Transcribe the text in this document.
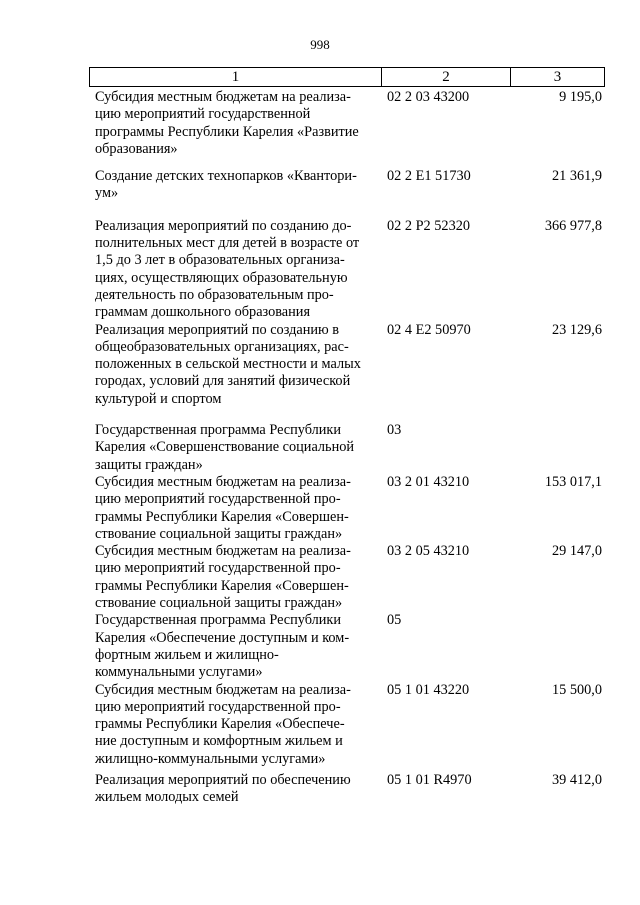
998
1	2	3
Субсидия местным бюджетам на реализа-
цию мероприятий государственной
программы Республики Карелия «Развитие
образования»
02 2 03 43200	9 195,0
Создание детских технопарков «Квантори-
ум»
02 2 E1 51730	21 361,9
Реализация мероприятий по созданию до-
полнительных мест для детей в возрасте от
1,5 до 3 лет в образовательных организа-
циях, осуществляющих образовательную
деятельность по образовательным про-
граммам дошкольного образования
02 2 P2 52320	366 977,8
Реализация мероприятий по созданию в
общеобразовательных организациях, рас-
положенных в сельской местности и малых
городах, условий для занятий физической
культурой и спортом
02 4 E2 50970	23 129,6
Государственная программа Республики
Карелия «Совершенствование социальной
защиты граждан»
03
Субсидия местным бюджетам на реализа-
цию мероприятий государственной про-
граммы Республики Карелия «Совершен-
ствование социальной защиты граждан»
03 2 01 43210	153 017,1
Субсидия местным бюджетам на реализа-
цию мероприятий государственной про-
граммы Республики Карелия «Совершен-
ствование социальной защиты граждан»
03 2 05 43210	29 147,0
Государственная программа Республики
Карелия «Обеспечение доступным и ком-
фортным жильем и жилищно-
коммунальными услугами»
05
Субсидия местным бюджетам на реализа-
цию мероприятий государственной про-
граммы Республики Карелия «Обеспече-
ние доступным и комфортным жильем и
жилищно-коммунальными услугами»
05 1 01 43220	15 500,0
Реализация мероприятий по обеспечению
жильем молодых семей
05 1 01 R4970	39 412,0
